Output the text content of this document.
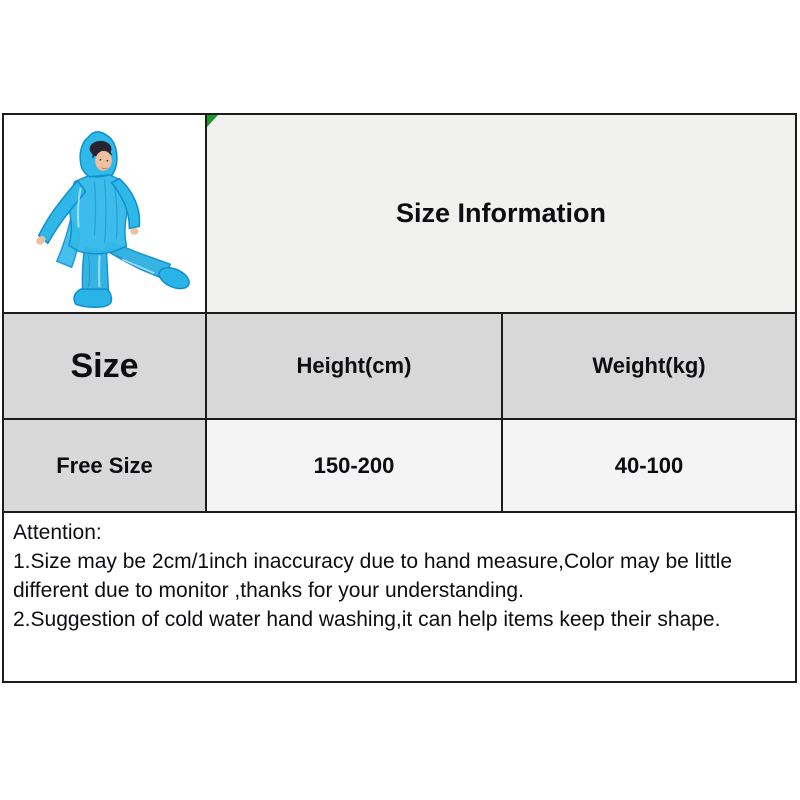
Size Information
Size	Height(cm)	Weight(kg)
Free Size	150-200	40-100
Attention:
1.Size may be 2cm/1inch inaccuracy due to hand measure,Color may be little
different due to monitor ,thanks for your understanding.
2.Suggestion of cold water hand washing,it can help items keep their shape.
